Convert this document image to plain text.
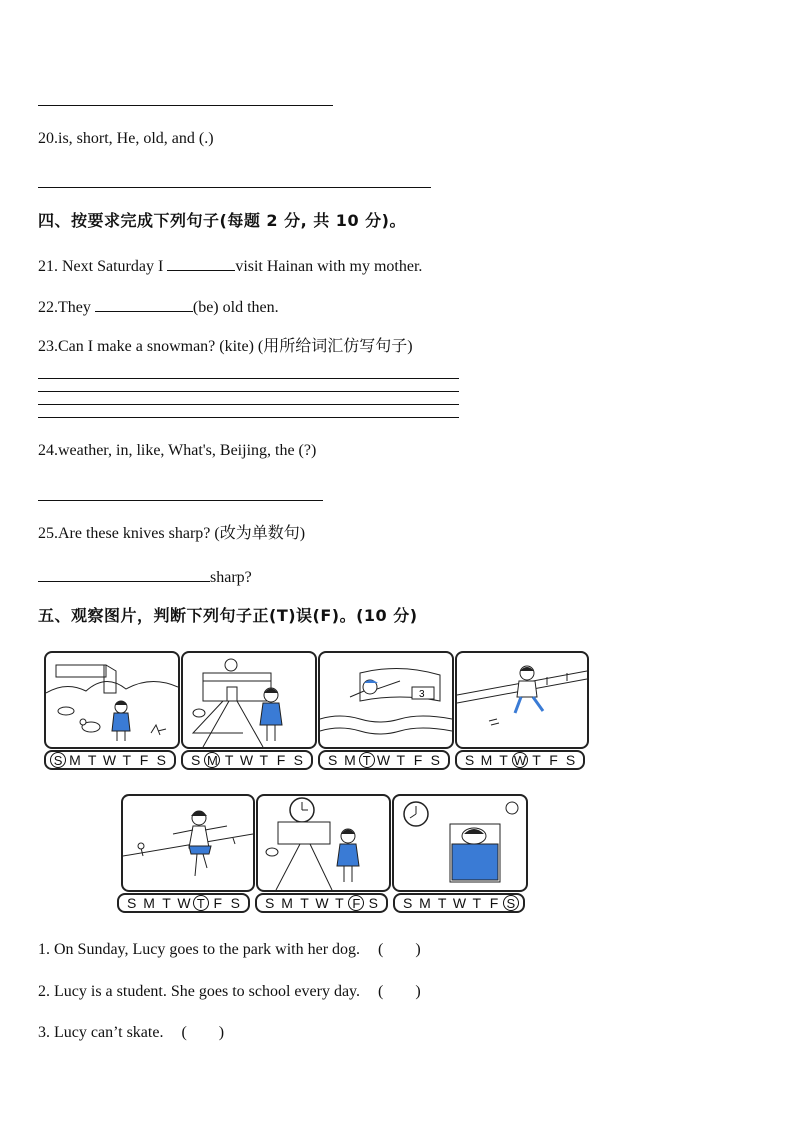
20.is, short, He, old, and (.)
四、按要求完成下列句子(每题 2 分, 共 10 分)。
21. Next Saturday I	visit Hainan with my mother.
22.They	(be) old then.
23.Can I make a snowman? (kite) (用所给词汇仿写句子)
24.weather, in, like, What's, Beijing, the (?)
25.Are these knives sharp? (改为单数句)
sharp?
五、观察图片，判断下列句子正(T)误(F)。(10 分)
3
S M T W T F S S M T W T F S S M T W T F S S M T W T F S
S M T W T F S S M T W T F S S M T W T F S
1. On Sunday, Lucy goes to the park with her dog. (        )
2. Lucy is a student. She goes to school every day. (        )
3. Lucy can’t skate. (        )
